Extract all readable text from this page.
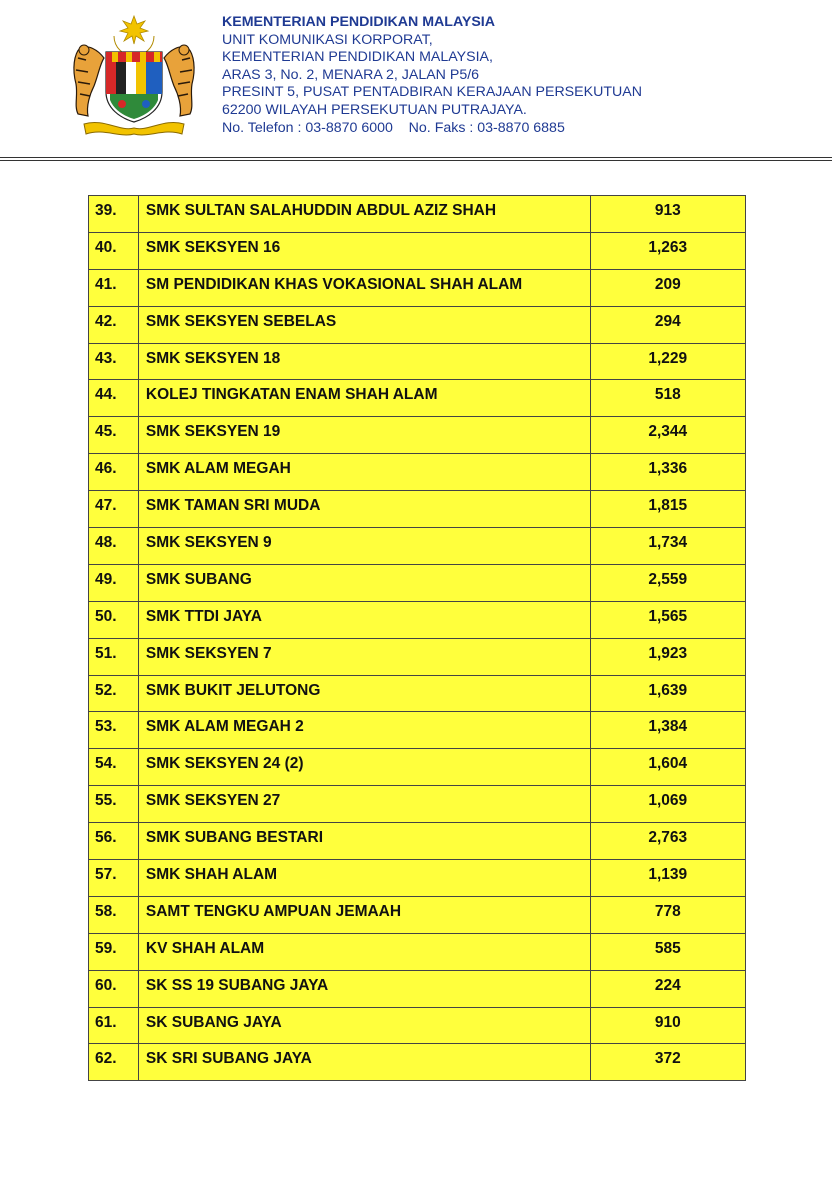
KEMENTERIAN PENDIDIKAN MALAYSIA
UNIT KOMUNIKASI KORPORAT,
KEMENTERIAN PENDIDIKAN MALAYSIA,
ARAS 3, No. 2, MENARA 2, JALAN P5/6
PRESINT 5, PUSAT PENTADBIRAN KERAJAAN PERSEKUTUAN
62200 WILAYAH PERSEKUTUAN PUTRAJAYA.
No. Telefon : 03-8870 6000    No. Faks : 03-8870 6885
39.	SMK SULTAN SALAHUDDIN ABDUL AZIZ SHAH	913
40.	SMK SEKSYEN 16	1,263
41.	SM PENDIDIKAN KHAS VOKASIONAL SHAH ALAM	209
42.	SMK SEKSYEN SEBELAS	294
43.	SMK SEKSYEN 18	1,229
44.	KOLEJ TINGKATAN ENAM SHAH ALAM	518
45.	SMK SEKSYEN 19	2,344
46.	SMK ALAM MEGAH	1,336
47.	SMK TAMAN SRI MUDA	1,815
48.	SMK SEKSYEN 9	1,734
49.	SMK SUBANG	2,559
50.	SMK TTDI JAYA	1,565
51.	SMK SEKSYEN 7	1,923
52.	SMK BUKIT JELUTONG	1,639
53.	SMK ALAM MEGAH 2	1,384
54.	SMK SEKSYEN 24 (2)	1,604
55.	SMK SEKSYEN 27	1,069
56.	SMK SUBANG BESTARI	2,763
57.	SMK SHAH ALAM	1,139
58.	SAMT TENGKU AMPUAN JEMAAH	778
59.	KV SHAH ALAM	585
60.	SK SS 19 SUBANG JAYA	224
61.	SK SUBANG JAYA	910
62.	SK SRI SUBANG JAYA	372
